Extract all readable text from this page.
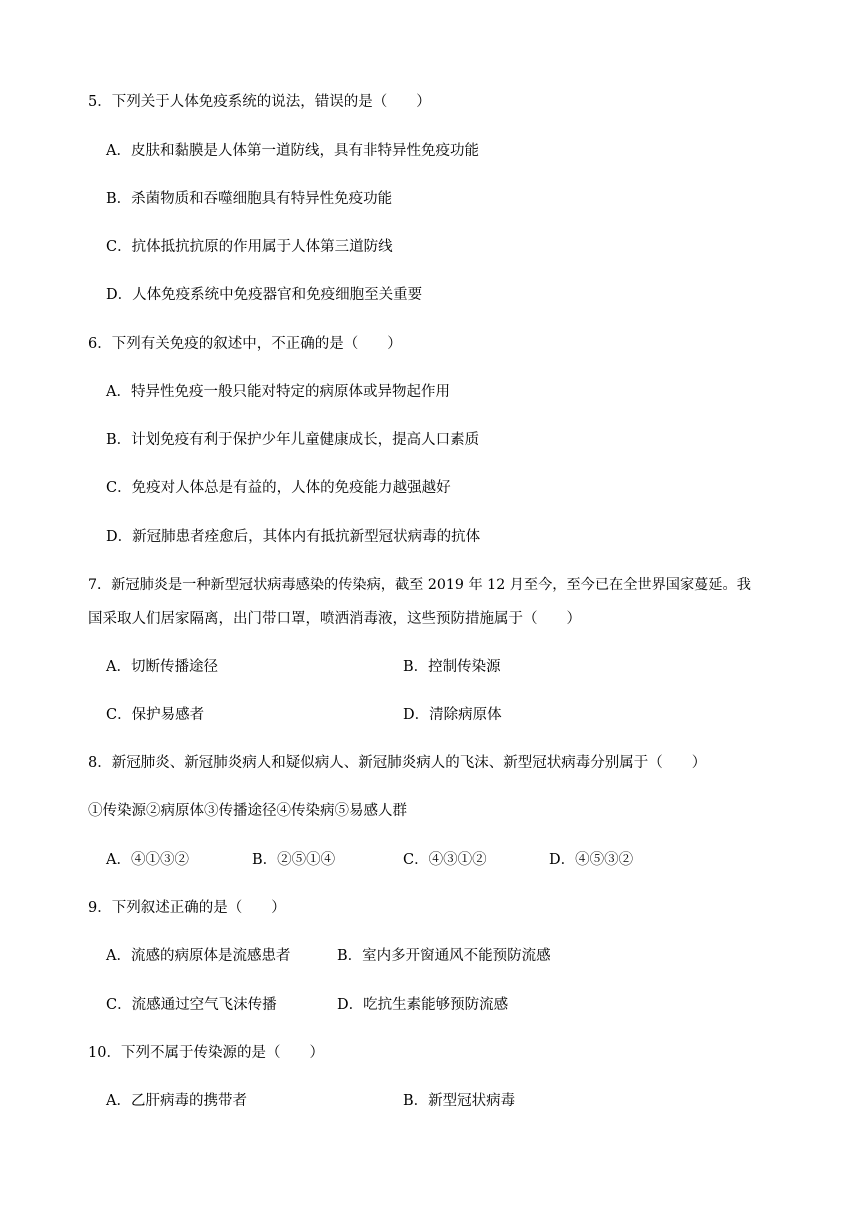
5．下列关于人体免疫系统的说法，错误的是（　　）
A．皮肤和黏膜是人体第一道防线，具有非特异性免疫功能
B．杀菌物质和吞噬细胞具有特异性免疫功能
C．抗体抵抗抗原的作用属于人体第三道防线
D．人体免疫系统中免疫器官和免疫细胞至关重要
6．下列有关免疫的叙述中，不正确的是（　　）
A．特异性免疫一般只能对特定的病原体或异物起作用
B．计划免疫有利于保护少年儿童健康成长，提高人口素质
C．免疫对人体总是有益的，人体的免疫能力越强越好
D．新冠肺患者痊愈后，其体内有抵抗新型冠状病毒的抗体
7．新冠肺炎是一种新型冠状病毒感染的传染病，截至 2019 年 12 月至今，至今已在全世界国家蔓延。我
国采取人们居家隔离，出门带口罩，喷洒消毒液，这些预防措施属于（　　）
A．切断传播途径	B．控制传染源
C．保护易感者	D．清除病原体
8．新冠肺炎、新冠肺炎病人和疑似病人、新冠肺炎病人的飞沫、新型冠状病毒分别属于（　　）
①传染源②病原体③传播途径④传染病⑤易感人群
A．④①③②	B．②⑤①④	C．④③①②	D．④⑤③②
9．下列叙述正确的是（　　）
A．流感的病原体是流感患者	B．室内多开窗通风不能预防流感
C．流感通过空气飞沫传播	D．吃抗生素能够预防流感
10．下列不属于传染源的是（　　）
A．乙肝病毒的携带者	B．新型冠状病毒
